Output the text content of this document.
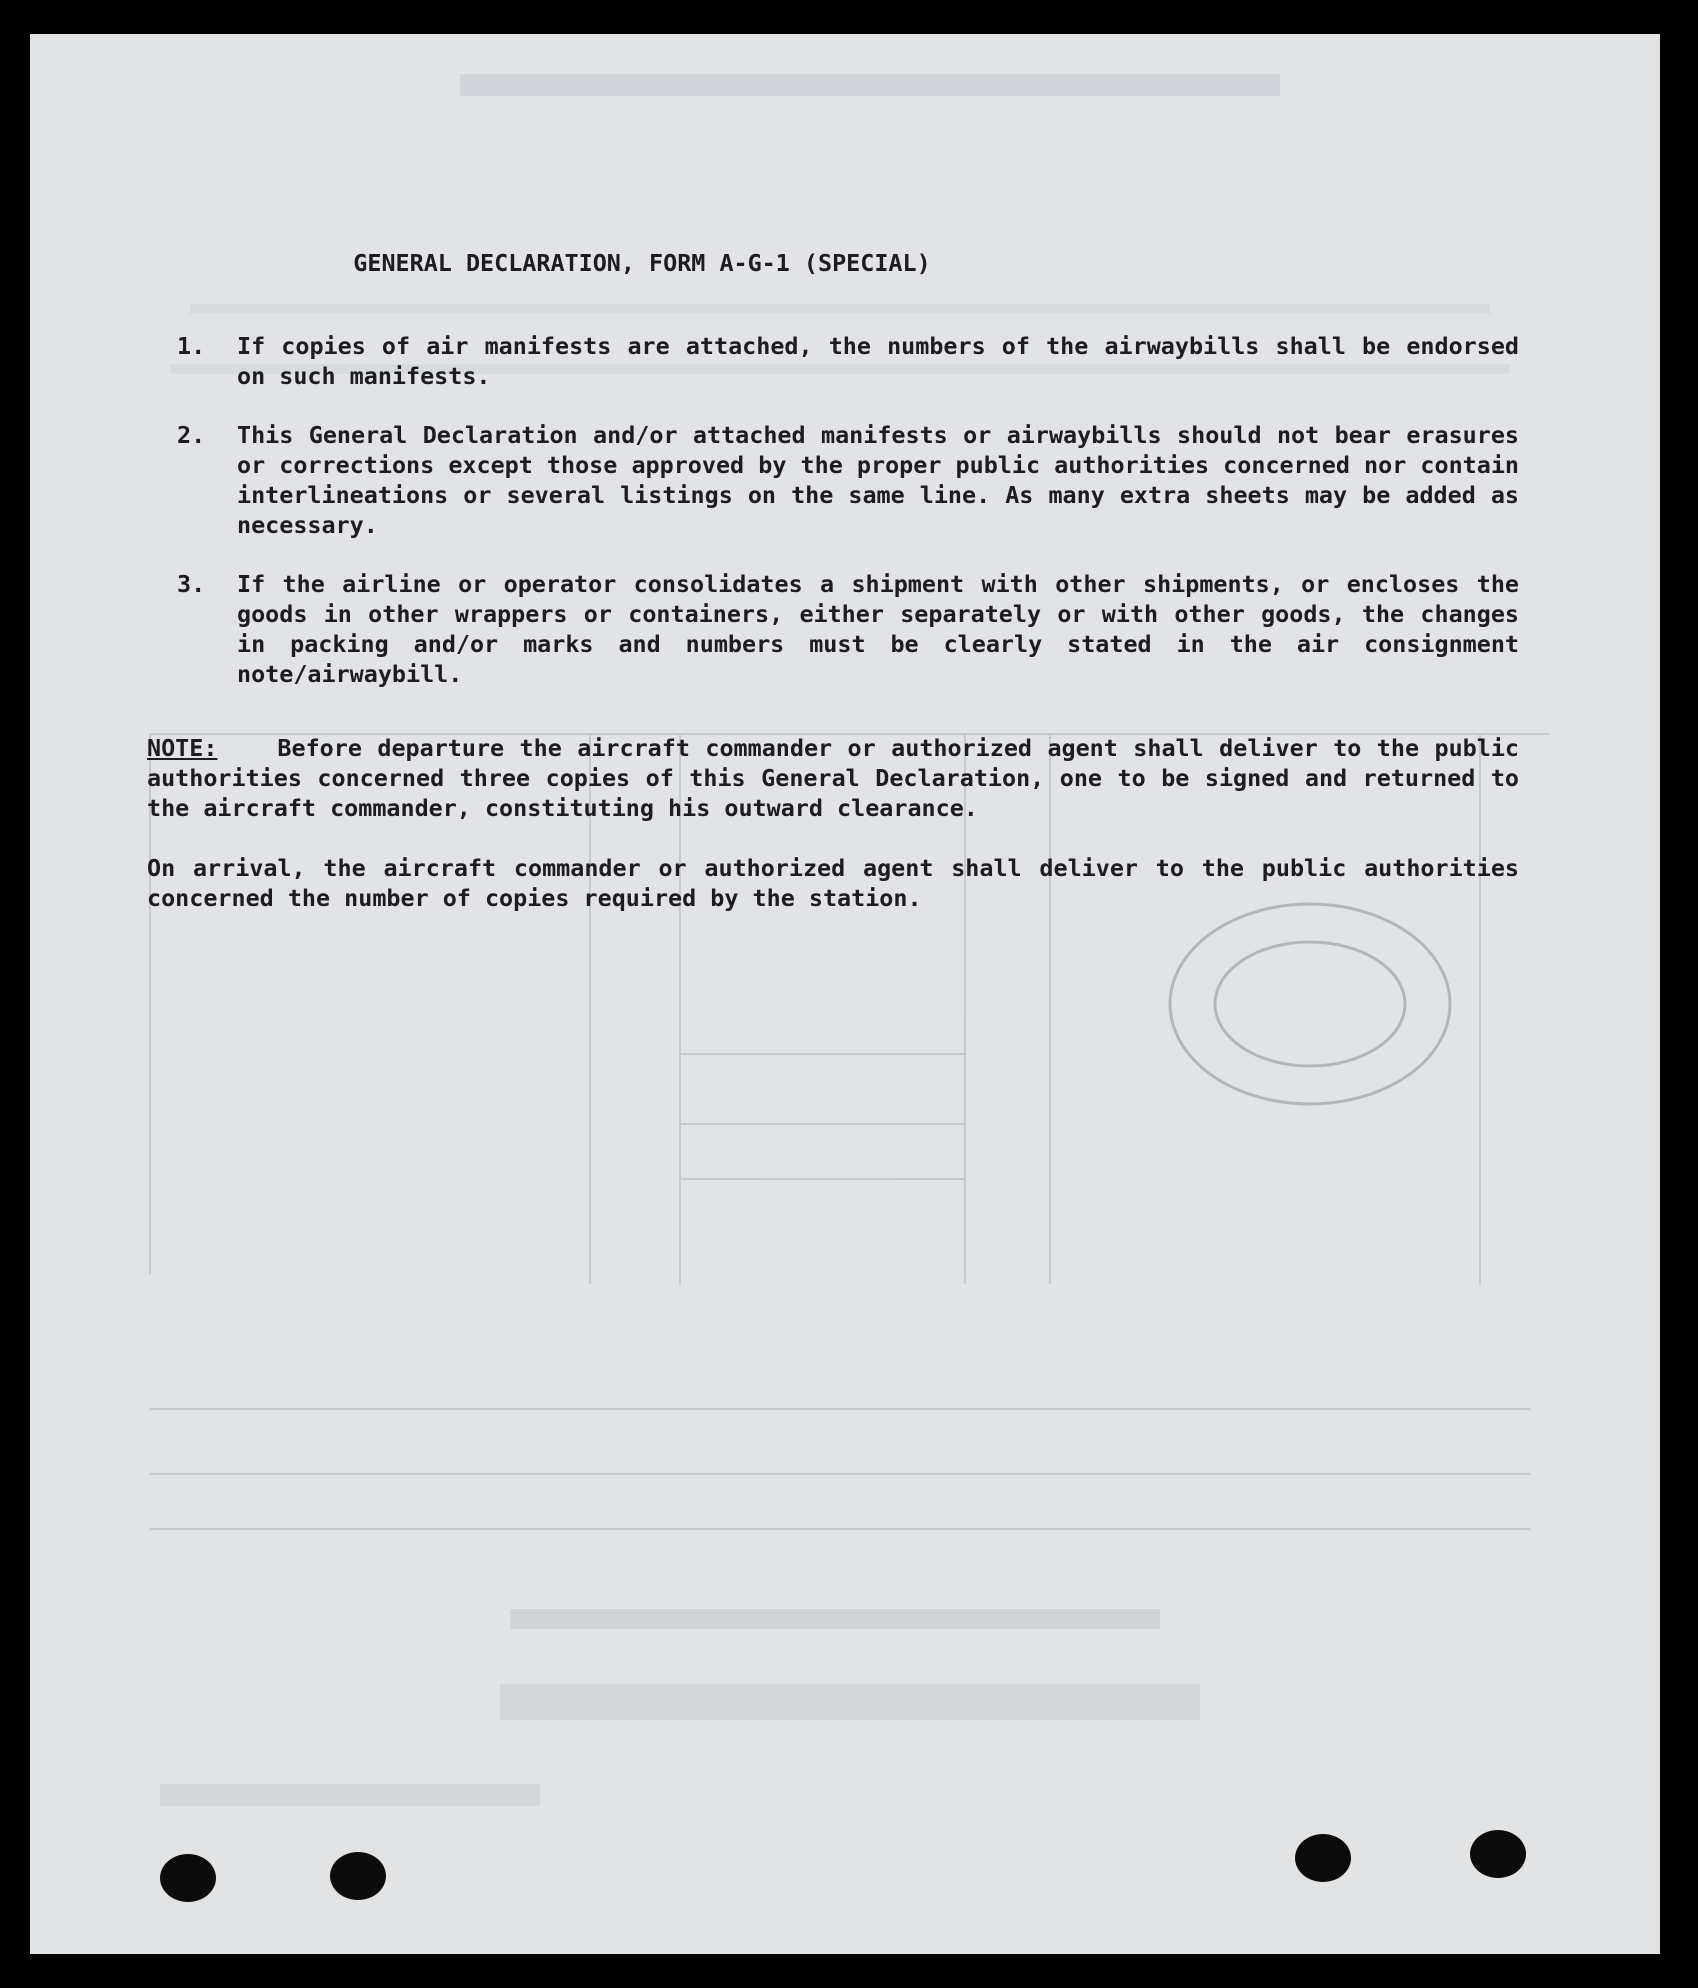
GENERAL DECLARATION, FORM A-G-1 (SPECIAL)
1. If copies of air manifests are attached, the numbers of the airwaybills shall be endorsed on such manifests.
2. This General Declaration and/or attached manifests or airwaybills should not bear erasures or corrections except those approved by the proper public authorities concerned nor contain interlineations or several listings on the same line. As many extra sheets may be added as necessary.
3. If the airline or operator consolidates a shipment with other shipments, or encloses the goods in other wrappers or containers, either separately or with other goods, the changes in packing and/or marks and numbers must be clearly stated in the air consignment note/airwaybill.
NOTE:	Before departure the aircraft commander or authorized agent shall deliver to the public authorities concerned three copies of this General Declaration, one to be signed and returned to the aircraft commander, constituting his outward clearance.
On arrival, the aircraft commander or authorized agent shall deliver to the public authorities concerned the number of copies required by the station.
